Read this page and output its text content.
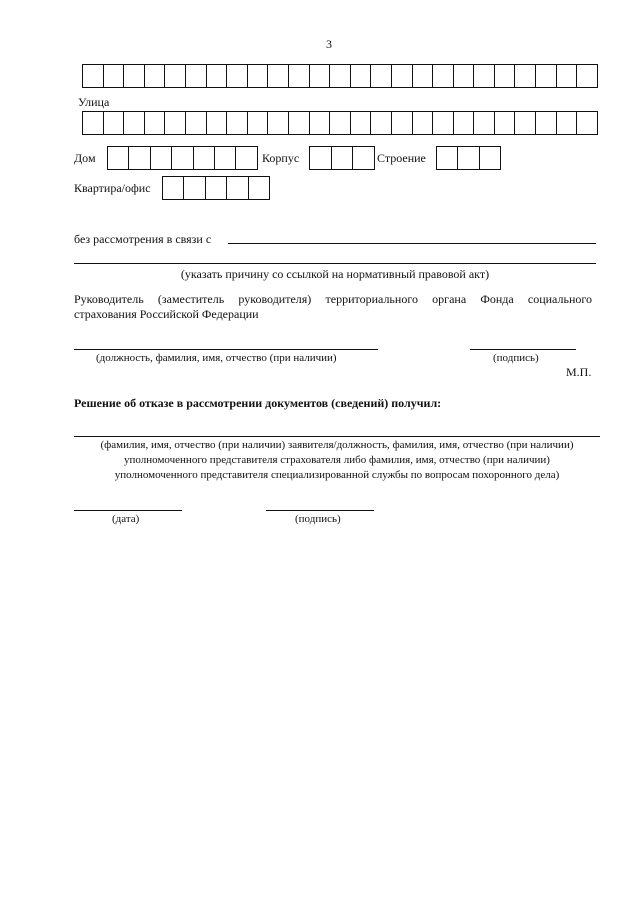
3
Улица
Дом	Корпус	Строение
Квартира/офис
без рассмотрения в связи с
(указать причину со ссылкой на нормативный правовой акт)
Руководитель (заместитель руководителя) территориального органа Фонда социального
страхования Российской Федерации
(должность, фамилия, имя, отчество (при наличии)	(подпись)
М.П.
Решение об отказе в рассмотрении документов (сведений) получил:
(фамилия, имя, отчество (при наличии) заявителя/должность, фамилия, имя, отчество (при наличии)
уполномоченного представителя страхователя либо фамилия, имя, отчество (при наличии)
уполномоченного представителя специализированной службы по вопросам похоронного дела)
(дата)	(подпись)
